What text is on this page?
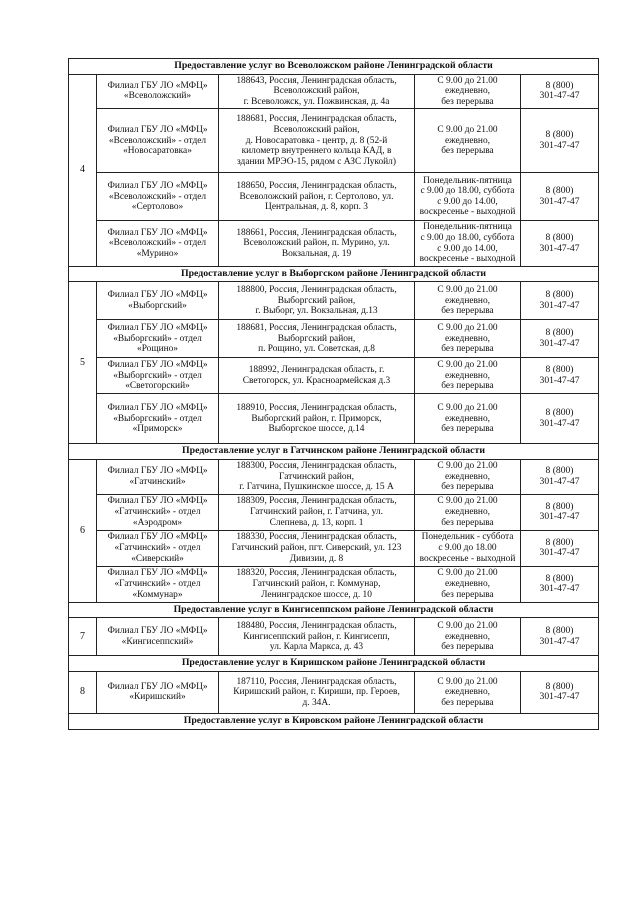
Предоставление услуг во Всеволожском районе Ленинградской области				
4	Филиал ГБУ ЛО «МФЦ»
«Всеволожский»	188643, Россия, Ленинградская область,
Всеволожский район,
г. Всеволожск, ул. Пожвинская, д. 4а	С 9.00 до 21.00
ежедневно,
без перерыва	8 (800)
301-47-47
	Филиал ГБУ ЛО «МФЦ»
«Всеволожский» - отдел
«Новосаратовка»	188681, Россия, Ленинградская область,
Всеволожский район,
д. Новосаратовка - центр, д. 8 (52-й
километр внутреннего кольца КАД, в
здании МРЭО-15, рядом с АЗС Лукойл)	С 9.00 до 21.00
ежедневно,
без перерыва	8 (800)
301-47-47
	Филиал ГБУ ЛО «МФЦ»
«Всеволожский» - отдел
«Сертолово»	188650, Россия, Ленинградская область,
Всеволожский район, г. Сертолово, ул.
Центральная, д. 8, корп. 3	Понедельник-пятница
с 9.00 до 18.00, суббота
с 9.00 до 14.00,
воскресенье - выходной	8 (800)
301-47-47
	Филиал ГБУ ЛО «МФЦ»
«Всеволожский» - отдел
«Мурино»	188661, Россия, Ленинградская область,
Всеволожский район, п. Мурино, ул.
Вокзальная, д. 19	Понедельник-пятница
с 9.00 до 18.00, суббота
с 9.00 до 14.00,
воскресенье - выходной	8 (800)
301-47-47
Предоставление услуг в Выборгском районе Ленинградской области				
5	Филиал ГБУ ЛО «МФЦ»
«Выборгский»	188800, Россия, Ленинградская область,
Выборгский район,
г. Выборг, ул. Вокзальная, д.13	С 9.00 до 21.00
ежедневно,
без перерыва	8 (800)
301-47-47
	Филиал ГБУ ЛО «МФЦ»
«Выборгский» - отдел
«Рощино»	188681, Россия, Ленинградская область,
Выборгский район,
п. Рощино, ул. Советская, д.8	С 9.00 до 21.00
ежедневно,
без перерыва	8 (800)
301-47-47
	Филиал ГБУ ЛО «МФЦ»
«Выборгский» - отдел
«Светогорский»	188992, Ленинградская область, г.
Светогорск, ул. Красноармейская д.3	С 9.00 до 21.00
ежедневно,
без перерыва	8 (800)
301-47-47
	Филиал ГБУ ЛО «МФЦ»
«Выборгский» - отдел
«Приморск»	188910, Россия, Ленинградская область,
Выборгский район, г. Приморск,
Выборгское шоссе, д.14	С 9.00 до 21.00
ежедневно,
без перерыва	8 (800)
301-47-47
Предоставление услуг в Гатчинском районе Ленинградской области				
6	Филиал ГБУ ЛО «МФЦ»
«Гатчинский»	188300, Россия, Ленинградская область,
Гатчинский район,
г. Гатчина, Пушкинское шоссе, д. 15 А	С 9.00 до 21.00
ежедневно,
без перерыва	8 (800)
301-47-47
	Филиал ГБУ ЛО «МФЦ»
«Гатчинский» - отдел
«Аэродром»	188309, Россия, Ленинградская область,
Гатчинский район, г. Гатчина, ул.
Слепнева, д. 13, корп. 1	С 9.00 до 21.00
ежедневно,
без перерыва	8 (800)
301-47-47
	Филиал ГБУ ЛО «МФЦ»
«Гатчинский» - отдел
«Сиверский»	188330, Россия, Ленинградская область,
Гатчинский район, пгт. Сиверский, ул. 123
Дивизии, д. 8	Понедельник - суббота
с 9.00 до 18.00
воскресенье - выходной	8 (800)
301-47-47
	Филиал ГБУ ЛО «МФЦ»
«Гатчинский» - отдел
«Коммунар»	188320, Россия, Ленинградская область,
Гатчинский район, г. Коммунар,
Ленинградское шоссе, д. 10	С 9.00 до 21.00
ежедневно,
без перерыва	8 (800)
301-47-47
Предоставление услуг в Кингисеппском районе Ленинградской области				
7	Филиал ГБУ ЛО «МФЦ»
«Кингисеппский»	188480, Россия, Ленинградская область,
Кингисеппский район, г. Кингисепп,
ул. Карла Маркса, д. 43	С 9.00 до 21.00
ежедневно,
без перерыва	8 (800)
301-47-47
Предоставление услуг в Киришском районе Ленинградской области				
8	Филиал ГБУ ЛО «МФЦ»
«Киришский»	187110, Россия, Ленинградская область,
Киришский район, г. Кириши, пр. Героев,
д. 34А.	С 9.00 до 21.00
ежедневно,
без перерыва	8 (800)
301-47-47
Предоставление услуг в Кировском районе Ленинградской области				
